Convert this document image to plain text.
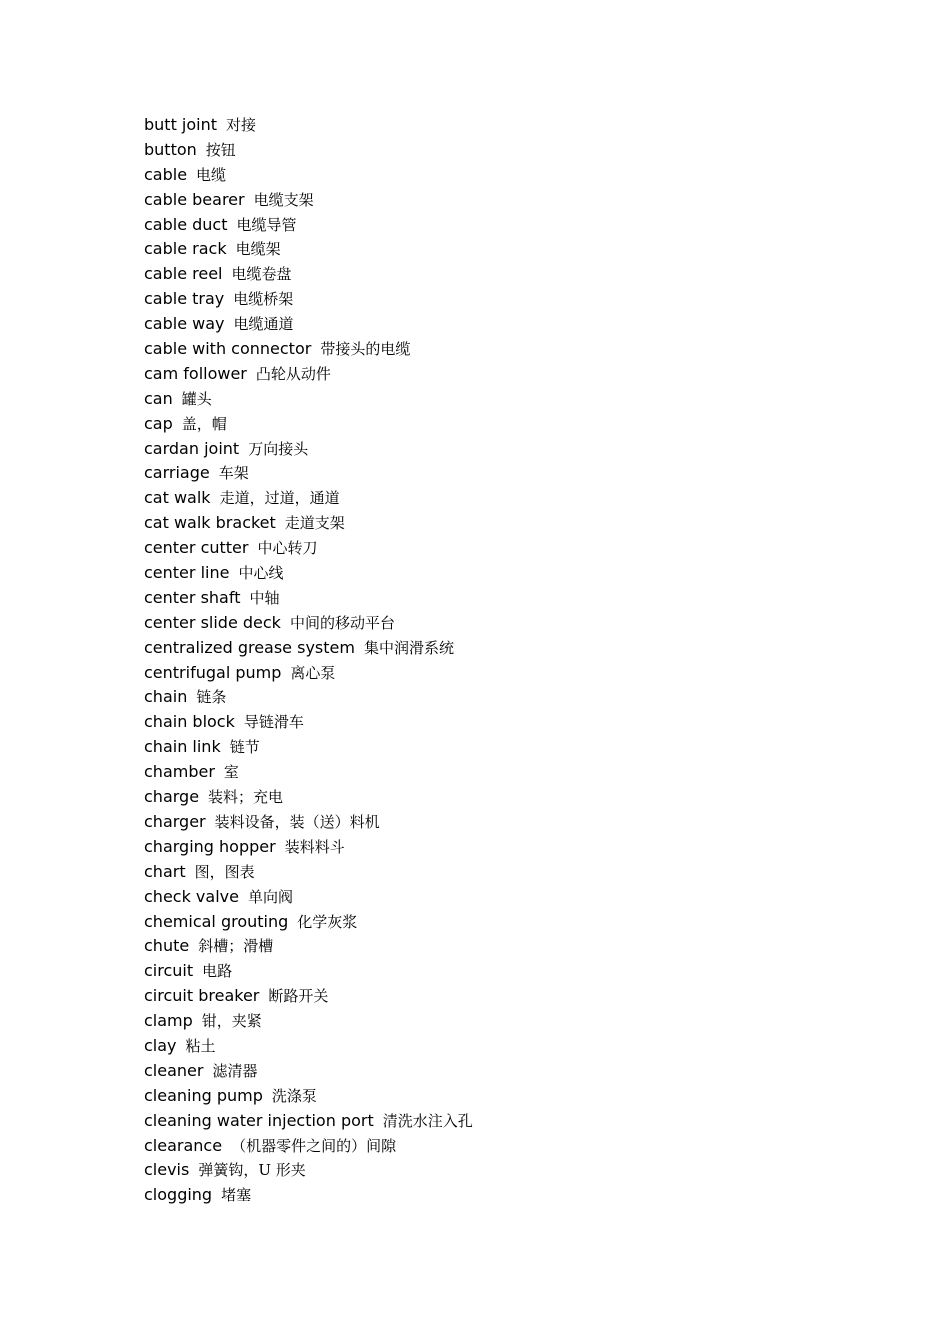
butt joint 对接
button 按钮
cable 电缆
cable bearer 电缆支架
cable duct 电缆导管
cable rack 电缆架
cable reel 电缆卷盘
cable tray 电缆桥架
cable way 电缆通道
cable with connector 带接头的电缆
cam follower 凸轮从动件
can 罐头
cap 盖，帽
cardan joint 万向接头
carriage 车架
cat walk 走道，过道，通道
cat walk bracket 走道支架
center cutter 中心转刀
center line 中心线
center shaft 中轴
center slide deck 中间的移动平台
centralized grease system 集中润滑系统
centrifugal pump 离心泵
chain 链条
chain block 导链滑车
chain link 链节
chamber 室
charge 装料；充电
charger 装料设备，装（送）料机
charging hopper 装料料斗
chart 图，图表
check valve 单向阀
chemical grouting 化学灰浆
chute 斜槽；滑槽
circuit 电路
circuit breaker 断路开关
clamp 钳，夹紧
clay 粘土
cleaner 滤清器
cleaning pump 洗涤泵
cleaning water injection port 清洗水注入孔
clearance （机器零件之间的）间隙
clevis 弹簧钩，U 形夹
clogging 堵塞
